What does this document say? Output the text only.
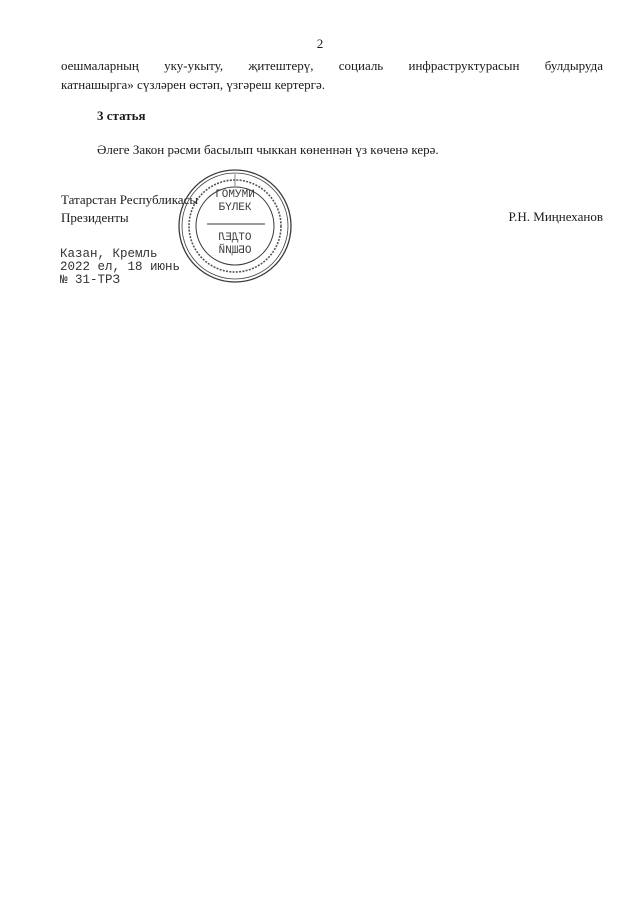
2
оешмаларның уку-укыту, җитештерү, социаль инфраструктурасын булдыруда
катнашырга» сүзләрен өстәп, үзгәреш кертергә.
3 статья
Әлеге Закон рәсми басылып чыккан көненнән үз көченә керә.
Татарстан Республикасы
Президенты	Р.Н. Миңнеханов
Казан, Кремль
2022 ел, 18 июнь
№ 31-ТРЗ
ГОМУМИ
БҮЛЕК
ОТДЕЛ
ОБЩИЙ
